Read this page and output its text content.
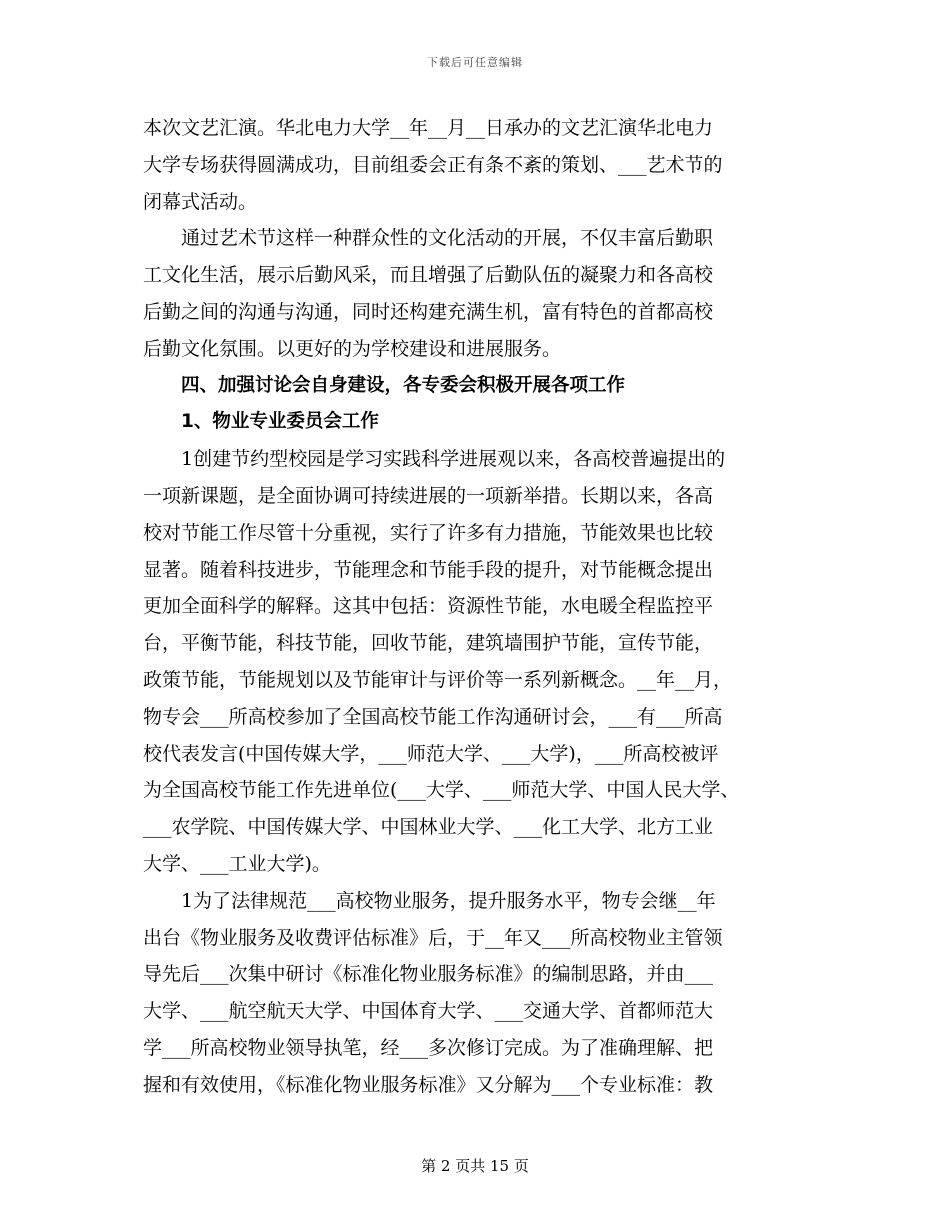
下载后可任意编辑
本次文艺汇演。华北电力大学__年__月__日承办的文艺汇演华北电力
大学专场获得圆满成功，目前组委会正有条不紊的策划、___艺术节的
闭幕式活动。
通过艺术节这样一种群众性的文化活动的开展，不仅丰富后勤职
工文化生活，展示后勤风采，而且增强了后勤队伍的凝聚力和各高校
后勤之间的沟通与沟通，同时还构建充满生机，富有特色的首都高校
后勤文化氛围。以更好的为学校建设和进展服务。
四、加强讨论会自身建设，各专委会积极开展各项工作
1、物业专业委员会工作
1创建节约型校园是学习实践科学进展观以来，各高校普遍提出的
一项新课题，是全面协调可持续进展的一项新举措。长期以来，各高
校对节能工作尽管十分重视，实行了许多有力措施，节能效果也比较
显著。随着科技进步，节能理念和节能手段的提升，对节能概念提出
更加全面科学的解释。这其中包括：资源性节能，水电暖全程监控平
台，平衡节能，科技节能，回收节能，建筑墙围护节能，宣传节能，
政策节能，节能规划以及节能审计与评价等一系列新概念。__年__月，
物专会___所高校参加了全国高校节能工作沟通研讨会，___有___所高
校代表发言(中国传媒大学，___师范大学、___大学)，___所高校被评
为全国高校节能工作先进单位(___大学、___师范大学、中国人民大学、
___农学院、中国传媒大学、中国林业大学、___化工大学、北方工业
大学、___工业大学)。
1为了法律规范___高校物业服务，提升服务水平，物专会继__年
出台《物业服务及收费评估标准》后，于__年又___所高校物业主管领
导先后___次集中研讨《标准化物业服务标准》的编制思路，并由___
大学、___航空航天大学、中国体育大学、___交通大学、首都师范大
学___所高校物业领导执笔，经___多次修订完成。为了准确理解、把
握和有效使用，《标准化物业服务标准》又分解为___个专业标准：教
第 2 页共 15 页
